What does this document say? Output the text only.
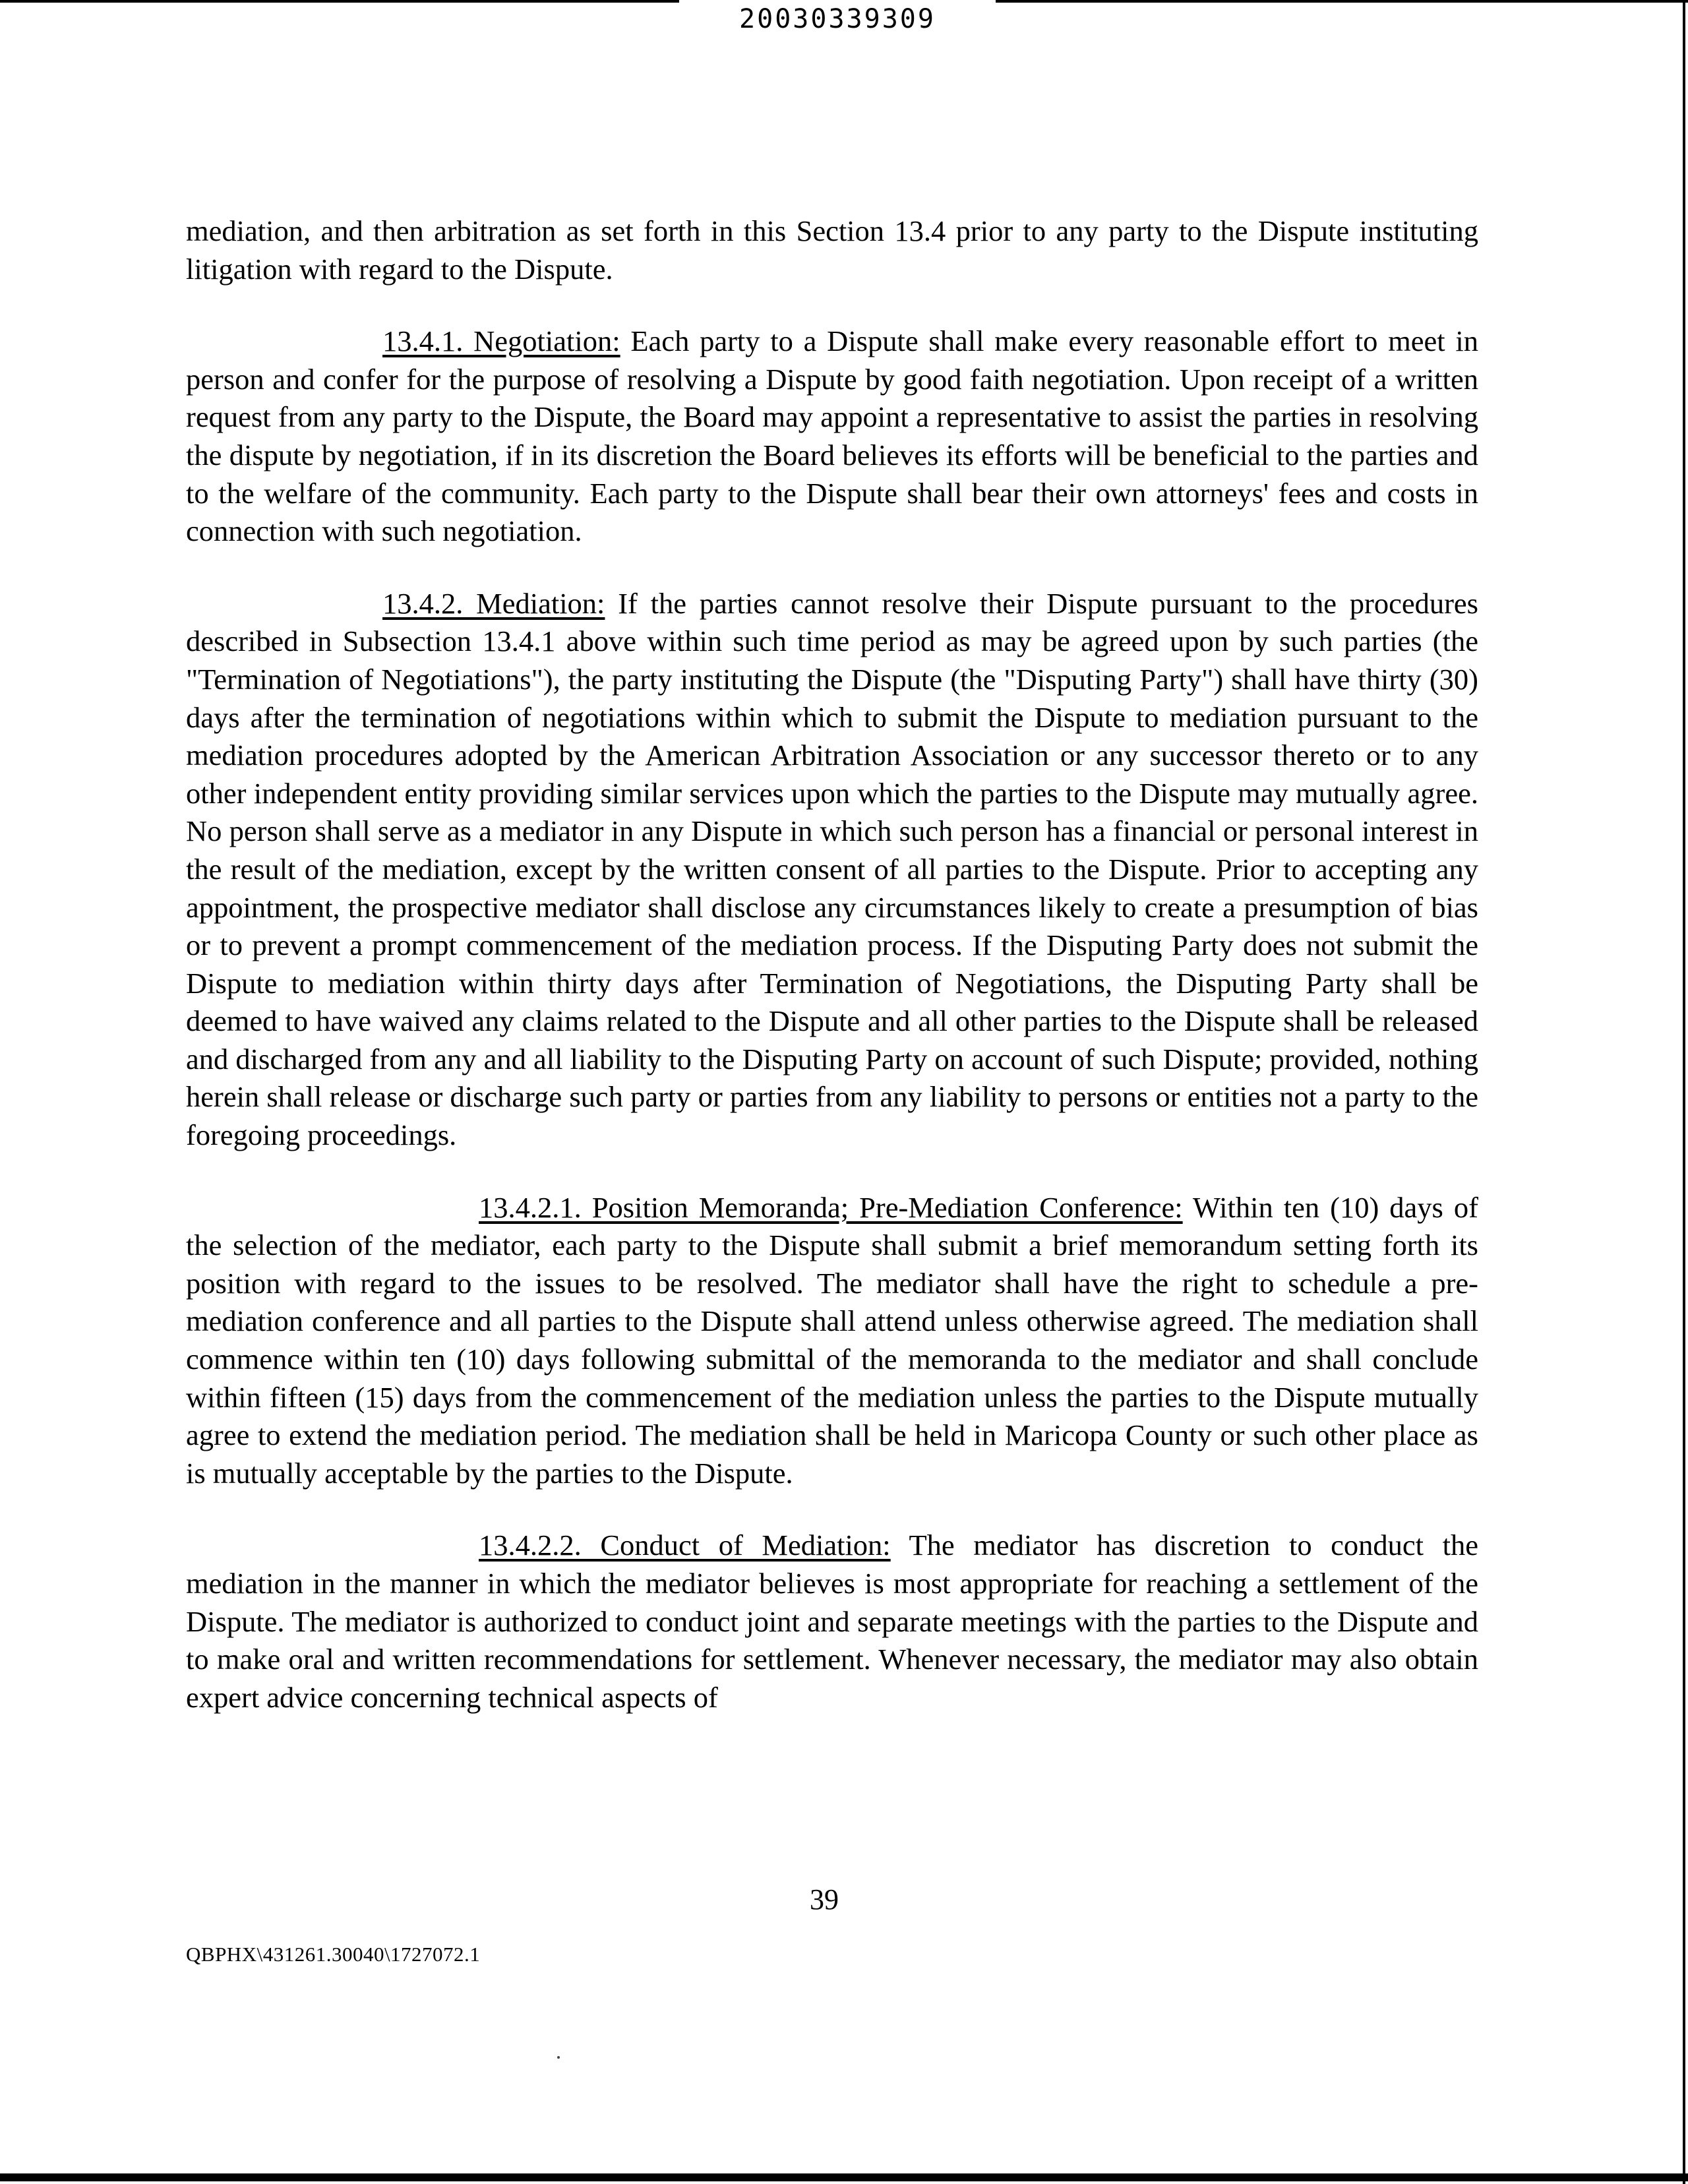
20030339309

mediation, and then arbitration as set forth in this Section 13.4 prior to any party to the Dispute instituting litigation with regard to the Dispute.

13.4.1. Negotiation: Each party to a Dispute shall make every reasonable effort to meet in person and confer for the purpose of resolving a Dispute by good faith negotiation. Upon receipt of a written request from any party to the Dispute, the Board may appoint a representative to assist the parties in resolving the dispute by negotiation, if in its discretion the Board believes its efforts will be beneficial to the parties and to the welfare of the community. Each party to the Dispute shall bear their own attorneys' fees and costs in connection with such negotiation.

13.4.2. Mediation: If the parties cannot resolve their Dispute pursuant to the procedures described in Subsection 13.4.1 above within such time period as may be agreed upon by such parties (the "Termination of Negotiations"), the party instituting the Dispute (the "Disputing Party") shall have thirty (30) days after the termination of negotiations within which to submit the Dispute to mediation pursuant to the mediation procedures adopted by the American Arbitration Association or any successor thereto or to any other independent entity providing similar services upon which the parties to the Dispute may mutually agree. No person shall serve as a mediator in any Dispute in which such person has a financial or personal interest in the result of the mediation, except by the written consent of all parties to the Dispute. Prior to accepting any appointment, the prospective mediator shall disclose any circumstances likely to create a presumption of bias or to prevent a prompt commencement of the mediation process. If the Disputing Party does not submit the Dispute to mediation within thirty days after Termination of Negotiations, the Disputing Party shall be deemed to have waived any claims related to the Dispute and all other parties to the Dispute shall be released and discharged from any and all liability to the Disputing Party on account of such Dispute; provided, nothing herein shall release or discharge such party or parties from any liability to persons or entities not a party to the foregoing proceedings.

13.4.2.1. Position Memoranda; Pre-Mediation Conference: Within ten (10) days of the selection of the mediator, each party to the Dispute shall submit a brief memorandum setting forth its position with regard to the issues to be resolved. The mediator shall have the right to schedule a pre-mediation conference and all parties to the Dispute shall attend unless otherwise agreed. The mediation shall commence within ten (10) days following submittal of the memoranda to the mediator and shall conclude within fifteen (15) days from the commencement of the mediation unless the parties to the Dispute mutually agree to extend the mediation period. The mediation shall be held in Maricopa County or such other place as is mutually acceptable by the parties to the Dispute.

13.4.2.2. Conduct of Mediation: The mediator has discretion to conduct the mediation in the manner in which the mediator believes is most appropriate for reaching a settlement of the Dispute. The mediator is authorized to conduct joint and separate meetings with the parties to the Dispute and to make oral and written recommendations for settlement. Whenever necessary, the mediator may also obtain expert advice concerning technical aspects of

39
QBPHX\431261.30040\1727072.1
